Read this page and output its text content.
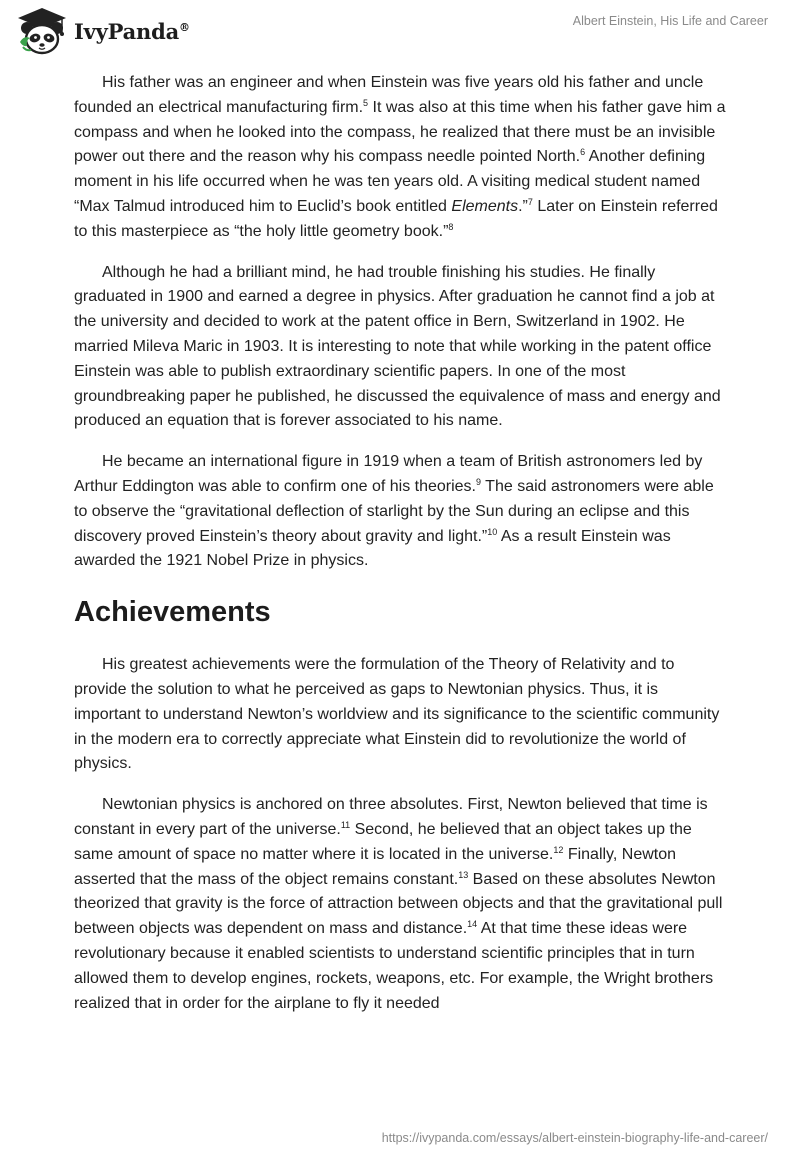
IvyPanda®	Albert Einstein, His Life and Career

His father was an engineer and when Einstein was five years old his father and uncle founded an electrical manufacturing firm.$^5$ It was also at this time when his father gave him a compass and when he looked into the compass, he realized that there must be an invisible power out there and the reason why his compass needle pointed North.$^6$ Another defining moment in his life occurred when he was ten years old. A visiting medical student named “Max Talmud introduced him to Euclid’s book entitled Elements.”$^7$ Later on Einstein referred to this masterpiece as “the holy little geometry book.”$^8$

Although he had a brilliant mind, he had trouble finishing his studies. He finally graduated in 1900 and earned a degree in physics. After graduation he cannot find a job at the university and decided to work at the patent office in Bern, Switzerland in 1902. He married Mileva Maric in 1903. It is interesting to note that while working in the patent office Einstein was able to publish extraordinary scientific papers. In one of the most groundbreaking paper he published, he discussed the equivalence of mass and energy and produced an equation that is forever associated to his name.

He became an international figure in 1919 when a team of British astronomers led by Arthur Eddington was able to confirm one of his theories.$^9$ The said astronomers were able to observe the “gravitational deflection of starlight by the Sun during an eclipse and this discovery proved Einstein’s theory about gravity and light.”$^{10}$ As a result Einstein was awarded the 1921 Nobel Prize in physics.

Achievements

His greatest achievements were the formulation of the Theory of Relativity and to provide the solution to what he perceived as gaps to Newtonian physics. Thus, it is important to understand Newton’s worldview and its significance to the scientific community in the modern era to correctly appreciate what Einstein did to revolutionize the world of physics.

Newtonian physics is anchored on three absolutes. First, Newton believed that time is constant in every part of the universe.$^{11}$ Second, he believed that an object takes up the same amount of space no matter where it is located in the universe.$^{12}$ Finally, Newton asserted that the mass of the object remains constant.$^{13}$ Based on these absolutes Newton theorized that gravity is the force of attraction between objects and that the gravitational pull between objects was dependent on mass and distance.$^{14}$ At that time these ideas were revolutionary because it enabled scientists to understand scientific principles that in turn allowed them to develop engines, rockets, weapons, etc. For example, the Wright brothers realized that in order for the airplane to fly it needed

https://ivypanda.com/essays/albert-einstein-biography-life-and-career/
